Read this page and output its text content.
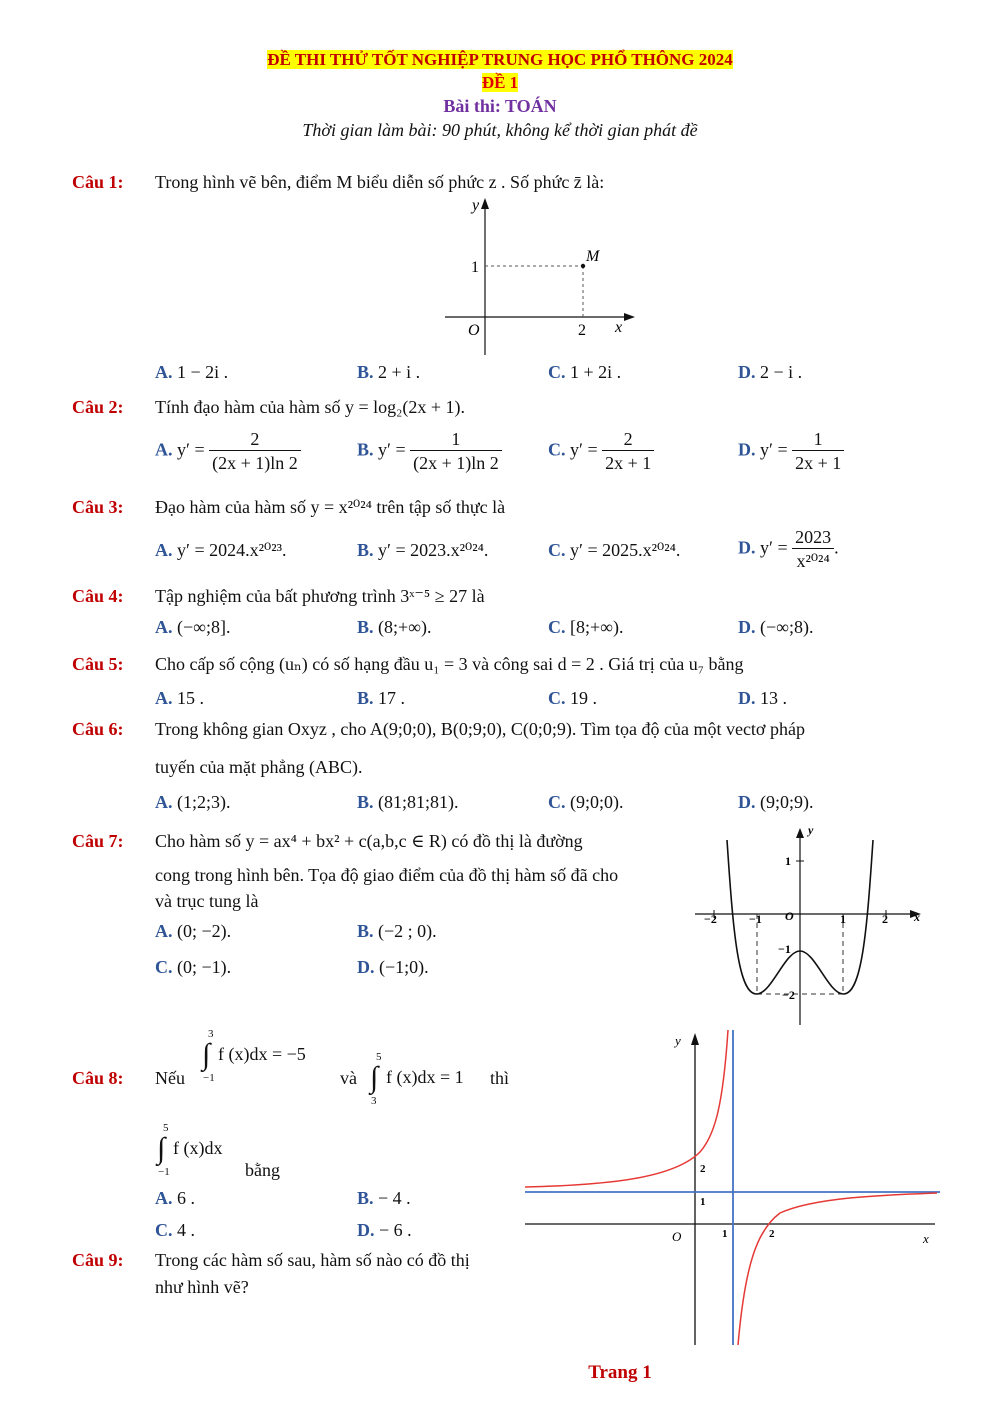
ĐỀ THI THỬ TỐT NGHIỆP TRUNG HỌC PHỔ THÔNG 2024
ĐỀ 1
Bài thi: TOÁN
Thời gian làm bài: 90 phút, không kể thời gian phát đề
Câu 1: Trong hình vẽ bên, điểm M biểu diễn số phức z . Số phức z̄ là:
y
x
O
1
2
M
A. 1 − 2i .	B. 2 + i .	C. 1 + 2i .	D. 2 − i .
Câu 2: Tính đạo hàm của hàm số y = log₂(2x + 1).
A. $y' = \frac{2}{(2x + 1)\ln 2}$	B. $y' = \frac{1}{(2x + 1)\ln 2}$	C. $y' = \frac{2}{2x + 1}$	D. $y' = \frac{1}{2x + 1}$
Câu 3: Đạo hàm của hàm số y = x²⁰²⁴ trên tập số thực là
A. y′ = 2024.x²⁰²³.	B. y′ = 2023.x²⁰²⁴.	C. y′ = 2025.x²⁰²⁴.	D. $y' = \frac{2023}{\text{x²⁰²⁴}}$ .
Câu 4: Tập nghiệm của bất phương trình 3ˣ⁻⁵ ≥ 27 là
A. (−∞;8].	B. (8;+∞).	C. [8;+∞).	D. (−∞;8).
Câu 5: Cho cấp số cộng (uₙ) có số hạng đầu u₁ = 3 và công sai d = 2 . Giá trị của u₇ bằng
A. 15 .	B. 17 .	C. 19 .	D. 13 .
Câu 6: Trong không gian Oxyz , cho A(9;0;0), B(0;9;0), C(0;0;9). Tìm tọa độ của một vectơ pháp
tuyến của mặt phẳng (ABC).
A. (1;2;3).	B. (81;81;81).	C. (9;0;0).	D. (9;0;9).
Câu 7: Cho hàm số y = ax⁴ + bx² + c(a,b,c ∈ R) có đồ thị là đường
cong trong hình bên. Tọa độ giao điểm của đồ thị hàm số đã cho
và trục tung là
A. (0; −2).	B. (−2 ; 0).
C. (0; −1).	D. (−1;0).
y
x
O
−2	−1	1	2
1
−1
−2
Câu 8: Nếu
3
∫
−1
f (x)dx = −5
và
5
∫
3
f (x)dx = 1 thì
5
∫
−1
f (x)dx
bằng
A. 6 .	B. − 4 .
C. 4 .	D. − 6 .
Câu 9: Trong các hàm số sau, hàm số nào có đồ thị
như hình vẽ?
y
x
O	1	2
1
2
Trang 1
